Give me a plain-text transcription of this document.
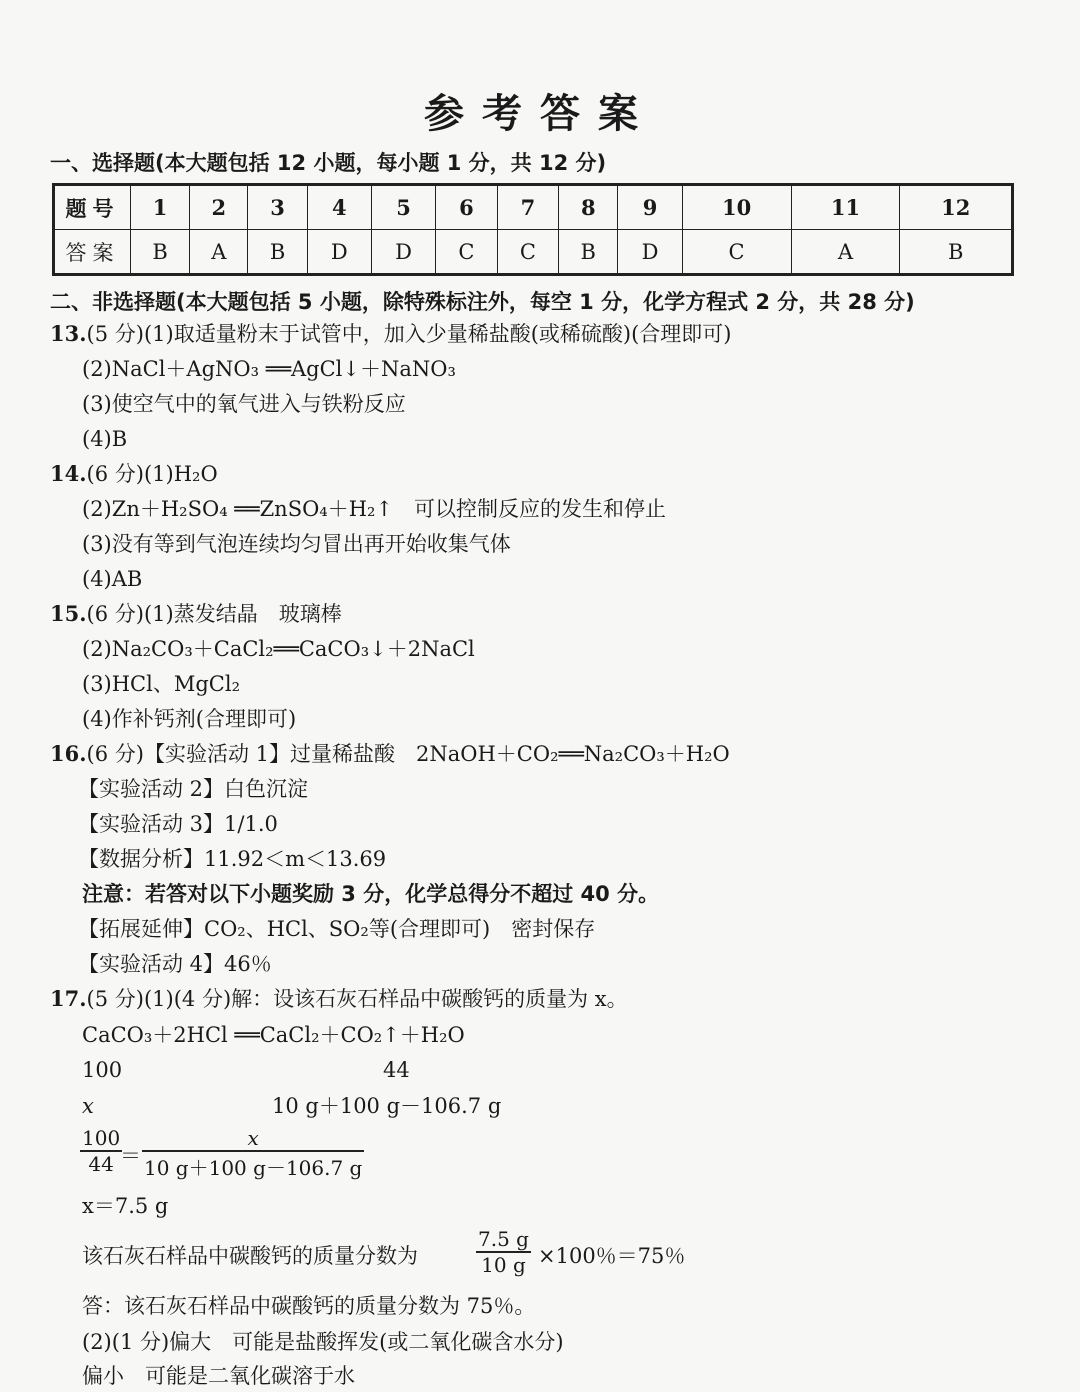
参考答案
一、选择题(本大题包括 12 小题，每小题 1 分，共 12 分)
题号	1	2	3	4	5	6	7	8	9	10	11	12
答案	B	A	B	D	D	C	C	B	D	C	A	B
二、非选择题(本大题包括 5 小题，除特殊标注外，每空 1 分，化学方程式 2 分，共 28 分)
13.(5 分)(1)取适量粉末于试管中，加入少量稀盐酸(或稀硫酸)(合理即可)
(2)NaCl＋AgNO₃ ══AgCl↓＋NaNO₃
(3)使空气中的氧气进入与铁粉反应
(4)B
14.(6 分)(1)H₂O
(2)Zn＋H₂SO₄ ══ZnSO₄＋H₂↑　可以控制反应的发生和停止
(3)没有等到气泡连续均匀冒出再开始收集气体
(4)AB
15.(6 分)(1)蒸发结晶　玻璃棒
(2)Na₂CO₃＋CaCl₂══CaCO₃↓＋2NaCl
(3)HCl、MgCl₂
(4)作补钙剂(合理即可)
16.(6 分)【实验活动 1】过量稀盐酸　2NaOH＋CO₂══Na₂CO₃＋H₂O
【实验活动 2】白色沉淀
【实验活动 3】1/1.0
【数据分析】11.92＜m＜13.69
注意：若答对以下小题奖励 3 分，化学总得分不超过 40 分。
【拓展延伸】CO₂、HCl、SO₂等(合理即可)　密封保存
【实验活动 4】46％
17.(5 分)(1)(4 分)解：设该石灰石样品中碳酸钙的质量为 x。
CaCO₃＋2HCl ══CaCl₂＋CO₂↑＋H₂O
100	44
x	10 g＋100 g－106.7 g
$\frac{100}{44}$
＝ $\frac{x}{10 g+100 g-106.7 g}$
x＝7.5 g
该石灰石样品中碳酸钙的质量分数为	$\frac{7.5 g}{10 g} \times 100$％＝75％
答：该石灰石样品中碳酸钙的质量分数为 75％。
(2)(1 分)偏大　可能是盐酸挥发(或二氧化碳含水分)
偏小　可能是二氧化碳溶于水
